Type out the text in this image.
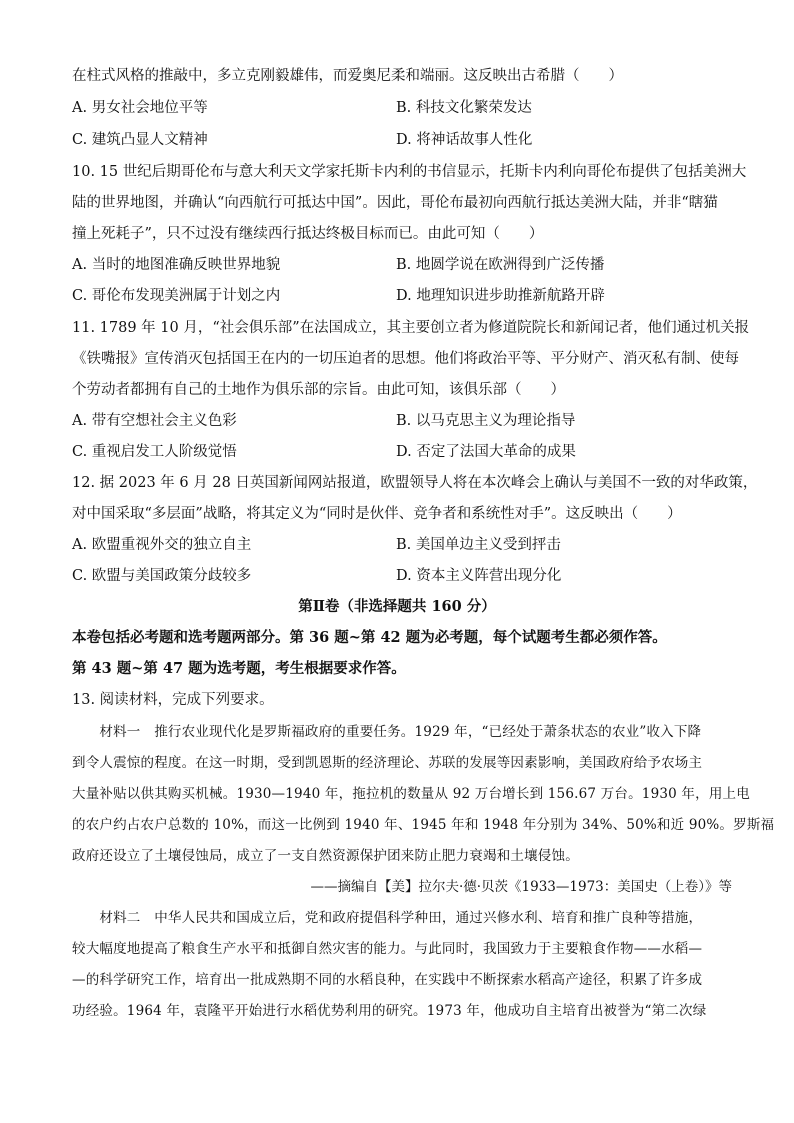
在柱式风格的推敲中，多立克刚毅雄伟，而爱奥尼柔和端丽。这反映出古希腊（　　）
A. 男女社会地位平等	B. 科技文化繁荣发达
C. 建筑凸显人文精神	D. 将神话故事人性化
10. 15 世纪后期哥伦布与意大利天文学家托斯卡内利的书信显示，托斯卡内利向哥伦布提供了包括美洲大
陆的世界地图，并确认“向西航行可抵达中国”。因此，哥伦布最初向西航行抵达美洲大陆，并非“瞎猫
撞上死耗子”，只不过没有继续西行抵达终极目标而已。由此可知（　　）
A. 当时的地图准确反映世界地貌	B. 地圆学说在欧洲得到广泛传播
C. 哥伦布发现美洲属于计划之内	D. 地理知识进步助推新航路开辟
11. 1789 年 10 月，“社会俱乐部”在法国成立，其主要创立者为修道院院长和新闻记者，他们通过机关报
《铁嘴报》宣传消灭包括国王在内的一切压迫者的思想。他们将政治平等、平分财产、消灭私有制、使每
个劳动者都拥有自己的土地作为俱乐部的宗旨。由此可知，该俱乐部（　　）
A. 带有空想社会主义色彩	B. 以马克思主义为理论指导
C. 重视启发工人阶级觉悟	D. 否定了法国大革命的成果
12. 据 2023 年 6 月 28 日英国新闻网站报道，欧盟领导人将在本次峰会上确认与美国不一致的对华政策，
对中国采取“多层面”战略，将其定义为“同时是伙伴、竞争者和系统性对手”。这反映出（　　）
A. 欧盟重视外交的独立自主	B. 美国单边主义受到抨击
C. 欧盟与美国政策分歧较多	D. 资本主义阵营出现分化
第Ⅱ卷（非选择题共 160 分）
本卷包括必考题和选考题两部分。第 36 题~第 42 题为必考题，每个试题考生都必须作答。
第 43 题~第 47 题为选考题，考生根据要求作答。
13. 阅读材料，完成下列要求。
　　材料一　推行农业现代化是罗斯福政府的重要任务。1929 年，“已经处于萧条状态的农业”收入下降
到令人震惊的程度。在这一时期，受到凯恩斯的经济理论、苏联的发展等因素影响，美国政府给予农场主
大量补贴以供其购买机械。1930—1940 年，拖拉机的数量从 92 万台增长到 156.67 万台。1930 年，用上电
的农户约占农户总数的 10%，而这一比例到 1940 年、1945 年和 1948 年分别为 34%、50%和近 90%。罗斯福
政府还设立了土壤侵蚀局，成立了一支自然资源保护团来防止肥力衰竭和土壤侵蚀。
——摘编自【美】拉尔夫·德·贝茨《1933—1973：美国史（上卷）》等
　　材料二　中华人民共和国成立后，党和政府提倡科学种田，通过兴修水利、培育和推广良种等措施，
较大幅度地提高了粮食生产水平和抵御自然灾害的能力。与此同时，我国致力于主要粮食作物——水稻—
—的科学研究工作，培育出一批成熟期不同的水稻良种，在实践中不断探索水稻高产途径，积累了许多成
功经验。1964 年，袁隆平开始进行水稻优势利用的研究。1973 年，他成功自主培育出被誉为“第二次绿
